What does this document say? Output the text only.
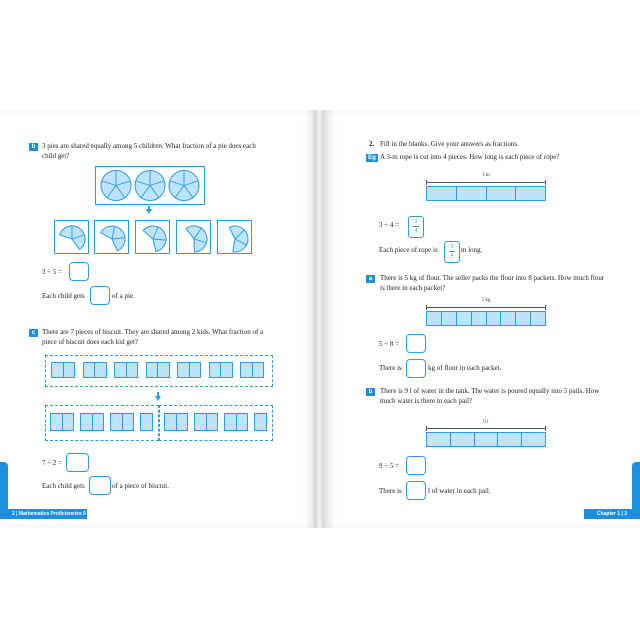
b 3 pies are shared equally among 5 children. What fraction of a pie does each
child get?
3 ÷ 5 =
Each child gets	of a pie.
c There are 7 pieces of biscuit. They are shared among 2 kids. What fraction of a
piece of biscuit does each kid get?
7 ÷ 2 =
Each child gets	of a piece of biscuit.
2 | Mathematics Proficiencies 5
2. Fill in the blanks. Give your answers as fractions.
Eg A 3-m rope is cut into 4 pieces. How long is each piece of rope?
3 m
3 ÷ 4 =	3
4
Each piece of rope is	3
4
m long.
a	There is 5 kg of flour. The seller packs the flour into 8 packets. How much flour
is there in each packet?
5 kg
5 ÷ 8 =
There is	kg of flour in each packet.
b	There is 9 l of water in the tank. The water is poured equally into 5 pails. How
much water is there in each pail?
9 l
9 ÷ 5 =
There is	l of water in each pail.
Chapter 1 | 3
